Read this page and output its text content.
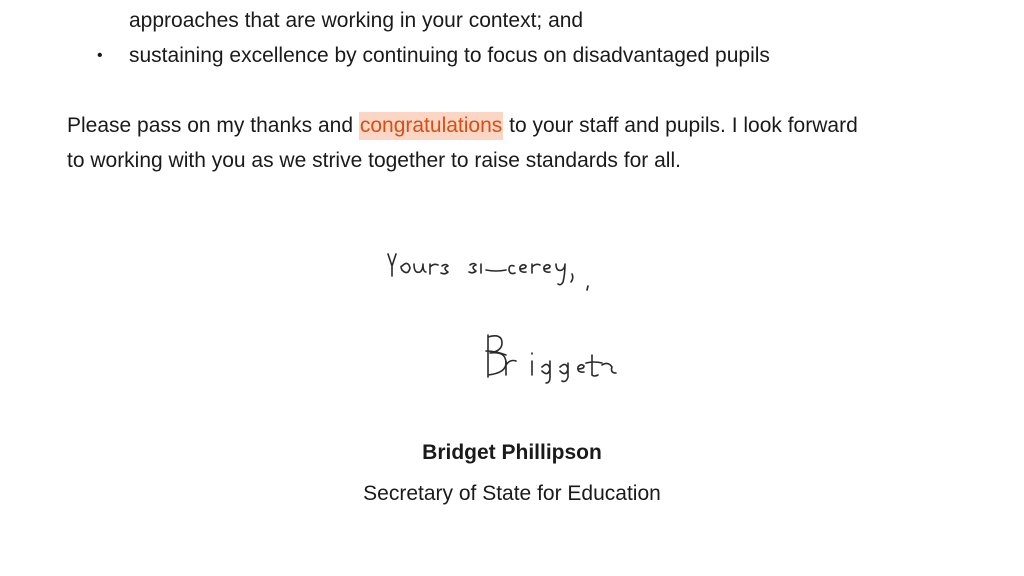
approaches that are working in your context; and
• sustaining excellence by continuing to focus on disadvantaged pupils
Please pass on my thanks and congratulations to your staff and pupils. I look forward
to working with you as we strive together to raise standards for all.
Bridget Phillipson
Secretary of State for Education
